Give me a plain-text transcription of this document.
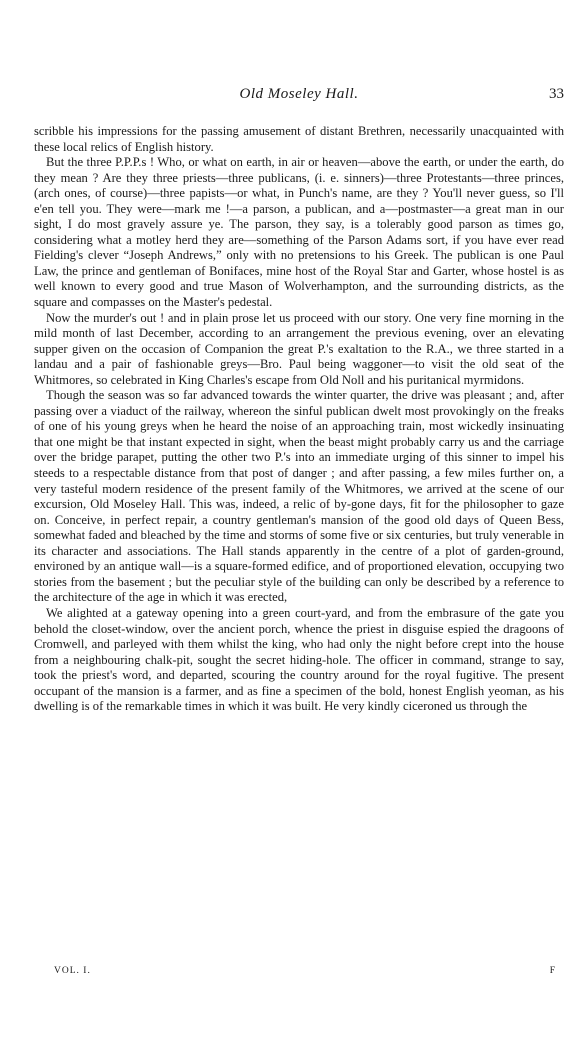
Old Moseley Hall.	33

scribble his impressions for the passing amusement of distant Brethren, necessarily unacquainted with these local relics of English history.

But the three P.P.P.s ! Who, or what on earth, in air or heaven—above the earth, or under the earth, do they mean ? Are they three priests—three publicans, (i. e. sinners)—three Protestants—three princes, (arch ones, of course)—three papists—or what, in Punch's name, are they ? You'll never guess, so I'll e'en tell you. They were—mark me !—a parson, a publican, and a—postmaster—a great man in our sight, I do most gravely assure ye. The parson, they say, is a tolerably good parson as times go, considering what a motley herd they are—something of the Parson Adams sort, if you have ever read Fielding's clever “Joseph Andrews,” only with no pretensions to his Greek. The publican is one Paul Law, the prince and gentleman of Bonifaces, mine host of the Royal Star and Garter, whose hostel is as well known to every good and true Mason of Wolverhampton, and the surrounding districts, as the square and compasses on the Master's pedestal.

Now the murder's out ! and in plain prose let us proceed with our story. One very fine morning in the mild month of last December, according to an arrangement the previous evening, over an elevating supper given on the occasion of Companion the great P.'s exaltation to the R.A., we three started in a landau and a pair of fashionable greys—Bro. Paul being waggoner—to visit the old seat of the Whitmores, so celebrated in King Charles's escape from Old Noll and his puritanical myrmidons.

Though the season was so far advanced towards the winter quarter, the drive was pleasant ; and, after passing over a viaduct of the railway, whereon the sinful publican dwelt most provokingly on the freaks of one of his young greys when he heard the noise of an approaching train, most wickedly insinuating that one might be that instant expected in sight, when the beast might probably carry us and the carriage over the bridge parapet, putting the other two P.'s into an immediate urging of this sinner to impel his steeds to a respectable distance from that post of danger ; and after passing, a few miles further on, a very tasteful modern residence of the present family of the Whitmores, we arrived at the scene of our excursion, Old Moseley Hall. This was, indeed, a relic of by-gone days, fit for the philosopher to gaze on. Conceive, in perfect repair, a country gentleman's mansion of the good old days of Queen Bess, somewhat faded and bleached by the time and storms of some five or six centuries, but truly venerable in its character and associations. The Hall stands apparently in the centre of a plot of garden-ground, environed by an antique wall—is a square-formed edifice, and of proportioned elevation, occupying two stories from the basement ; but the peculiar style of the building can only be described by a reference to the architecture of the age in which it was erected,

We alighted at a gateway opening into a green court-yard, and from the embrasure of the gate you behold the closet-window, over the ancient porch, whence the priest in disguise espied the dragoons of Cromwell, and parleyed with them whilst the king, who had only the night before crept into the house from a neighbouring chalk-pit, sought the secret hiding-hole. The officer in command, strange to say, took the priest's word, and departed, scouring the country around for the royal fugitive. The present occupant of the mansion is a farmer, and as fine a specimen of the bold, honest English yeoman, as his dwelling is of the remarkable times in which it was built. He very kindly ciceroned us through the

VOL. I.	F
